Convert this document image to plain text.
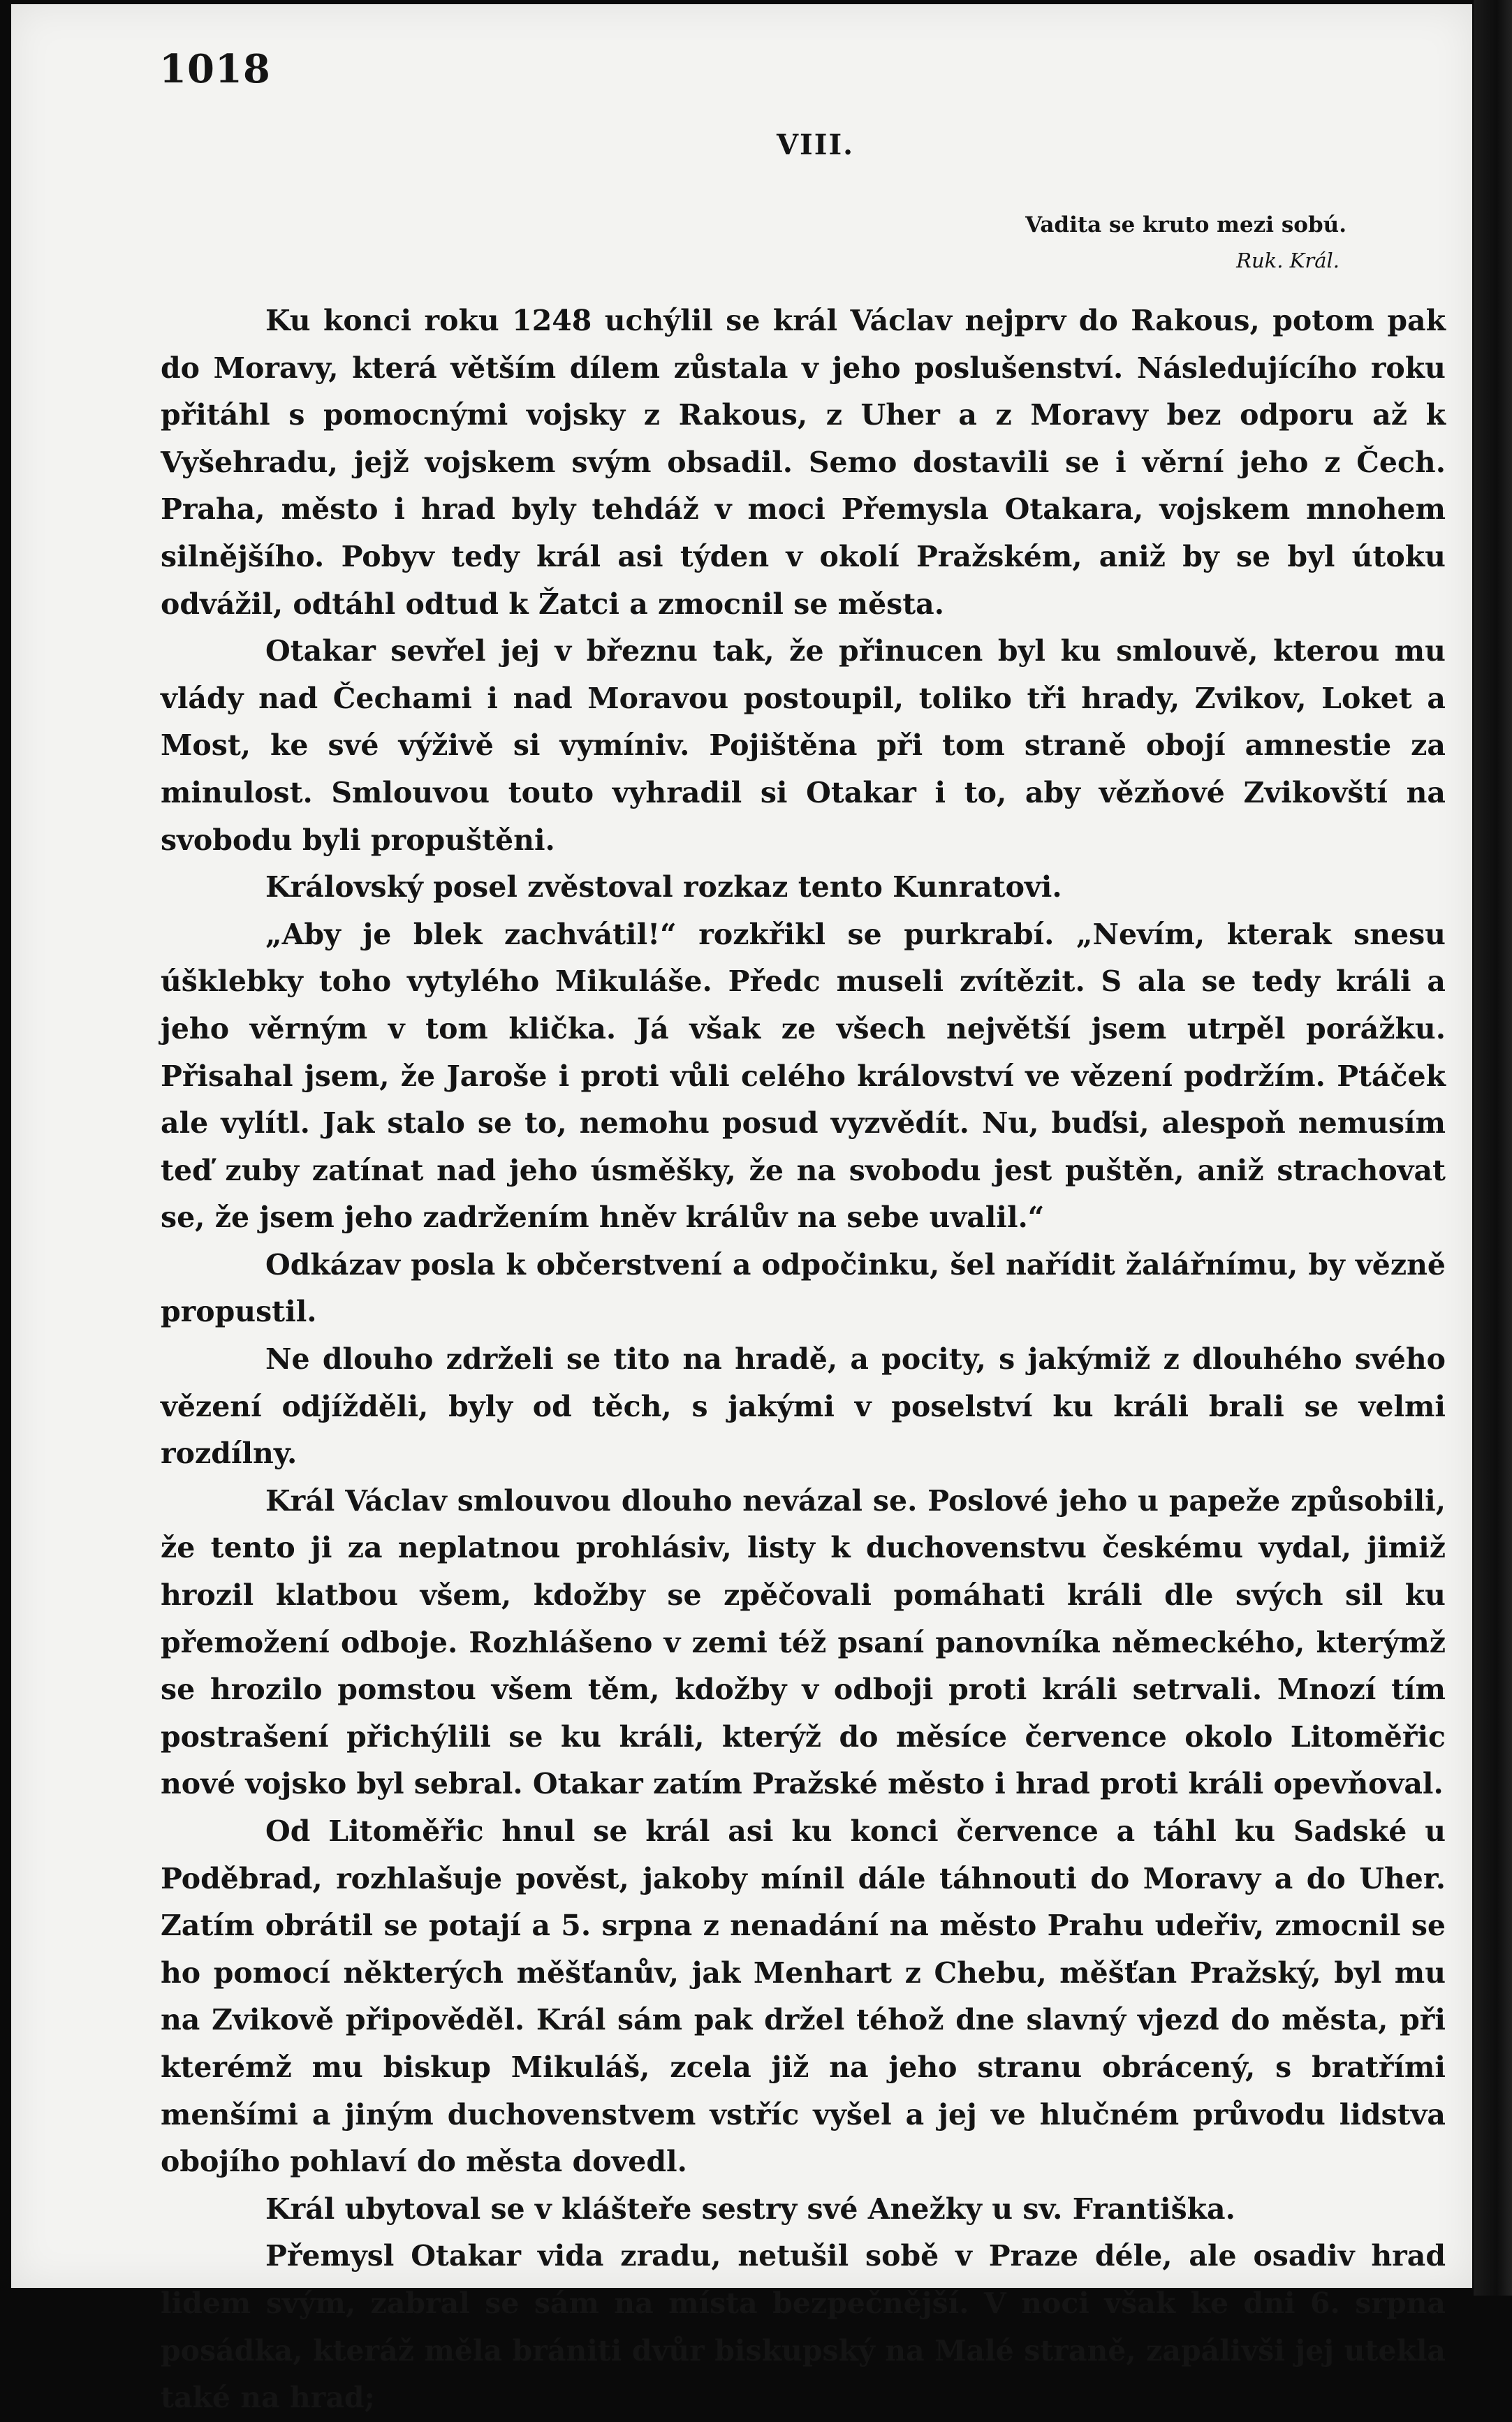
1018
VIII.
Vadita se kruto mezi sobú.
Ruk. Král.

Ku konci roku 1248 uchýlil se král Václav nejprv do Rakous, potom pak do Moravy, která větším dílem zůstala v jeho poslušenství. Následujícího roku přitáhl s pomocnými vojsky z Rakous, z Uher a z Moravy bez odporu až k Vyšehradu, jejž vojskem svým obsadil. Semo dostavili se i věrní jeho z Čech. Praha, město i hrad byly tehdáž v moci Přemysla Otakara, vojskem mnohem silnějšího. Pobyv tedy král asi týden v okolí Pražském, aniž by se byl útoku odvážil, odtáhl odtud k Žatci a zmocnil se města.

Otakar sevřel jej v březnu tak, že přinucen byl ku smlouvě, kterou mu vlády nad Čechami i nad Moravou postoupil, toliko tři hrady, Zvikov, Loket a Most, ke své výživě si vymíniv. Pojištěna při tom straně obojí amnestie za minulost. Smlouvou touto vyhradil si Otakar i to, aby vězňové Zvikovští na svobodu byli propuštěni.

Královský posel zvěstoval rozkaz tento Kunratovi.

„Aby je blek zachvátil!“ rozkřikl se purkrabí. „Nevím, kterak snesu úšklebky toho vytylého Mikuláše. Předc museli zvítězit. S ala se tedy králi a jeho věrným v tom klička. Já však ze všech největší jsem utrpěl porážku. Přisahal jsem, že Jaroše i proti vůli celého království ve vězení podržím. Ptáček ale vylítl. Jak stalo se to, nemohu posud vyzvědít. Nu, buďsi, alespoň nemusím teď zuby zatínat nad jeho úsměšky, že na svobodu jest puštěn, aniž strachovat se, že jsem jeho zadržením hněv králův na sebe uvalil.“

Odkázav posla k občerstvení a odpočinku, šel nařídit žalářnímu, by vězně propustil.

Ne dlouho zdrželi se tito na hradě, a pocity, s jakýmiž z dlouhého svého vězení odjížděli, byly od těch, s jakými v poselství ku králi brali se velmi rozdílny.

Král Václav smlouvou dlouho nevázal se. Poslové jeho u papeže způsobili, že tento ji za neplatnou prohlásiv, listy k duchovenstvu českému vydal, jimiž hrozil klatbou všem, kdožby se zpěčovali pomáhati králi dle svých sil ku přemožení odboje. Rozhlášeno v zemi též psaní panovníka německého, kterýmž se hrozilo pomstou všem těm, kdožby v odboji proti králi setrvali. Mnozí tím postrašení přichýlili se ku králi, kterýž do měsíce července okolo Litoměřic nové vojsko byl sebral. Otakar zatím Pražské město i hrad proti králi opevňoval.

Od Litoměřic hnul se král asi ku konci července a táhl ku Sadské u Poděbrad, rozhlašuje pověst, jakoby mínil dále táhnouti do Moravy a do Uher. Zatím obrátil se potají a 5. srpna z nenadání na město Prahu udeřiv, zmocnil se ho pomocí některých měšťanův, jak Menhart z Chebu, měšťan Pražský, byl mu na Zvikově připověděl. Král sám pak držel téhož dne slavný vjezd do města, při kterémž mu biskup Mikuláš, zcela již na jeho stranu obrácený, s bratřími menšími a jiným duchovenstvem vstříc vyšel a jej ve hlučném průvodu lidstva obojího pohlaví do města dovedl.

Král ubytoval se v klášteře sestry své Anežky u sv. Františka.

Přemysl Otakar vida zradu, netušil sobě v Praze déle, ale osadiv hrad lidem svým, zabral se sám na místa bezpečnější. V noci však ke dni 6. srpna posádka, kteráž měla brániti dvůr biskupský na Malé straně, zapálivši jej utekla také na hrad;
